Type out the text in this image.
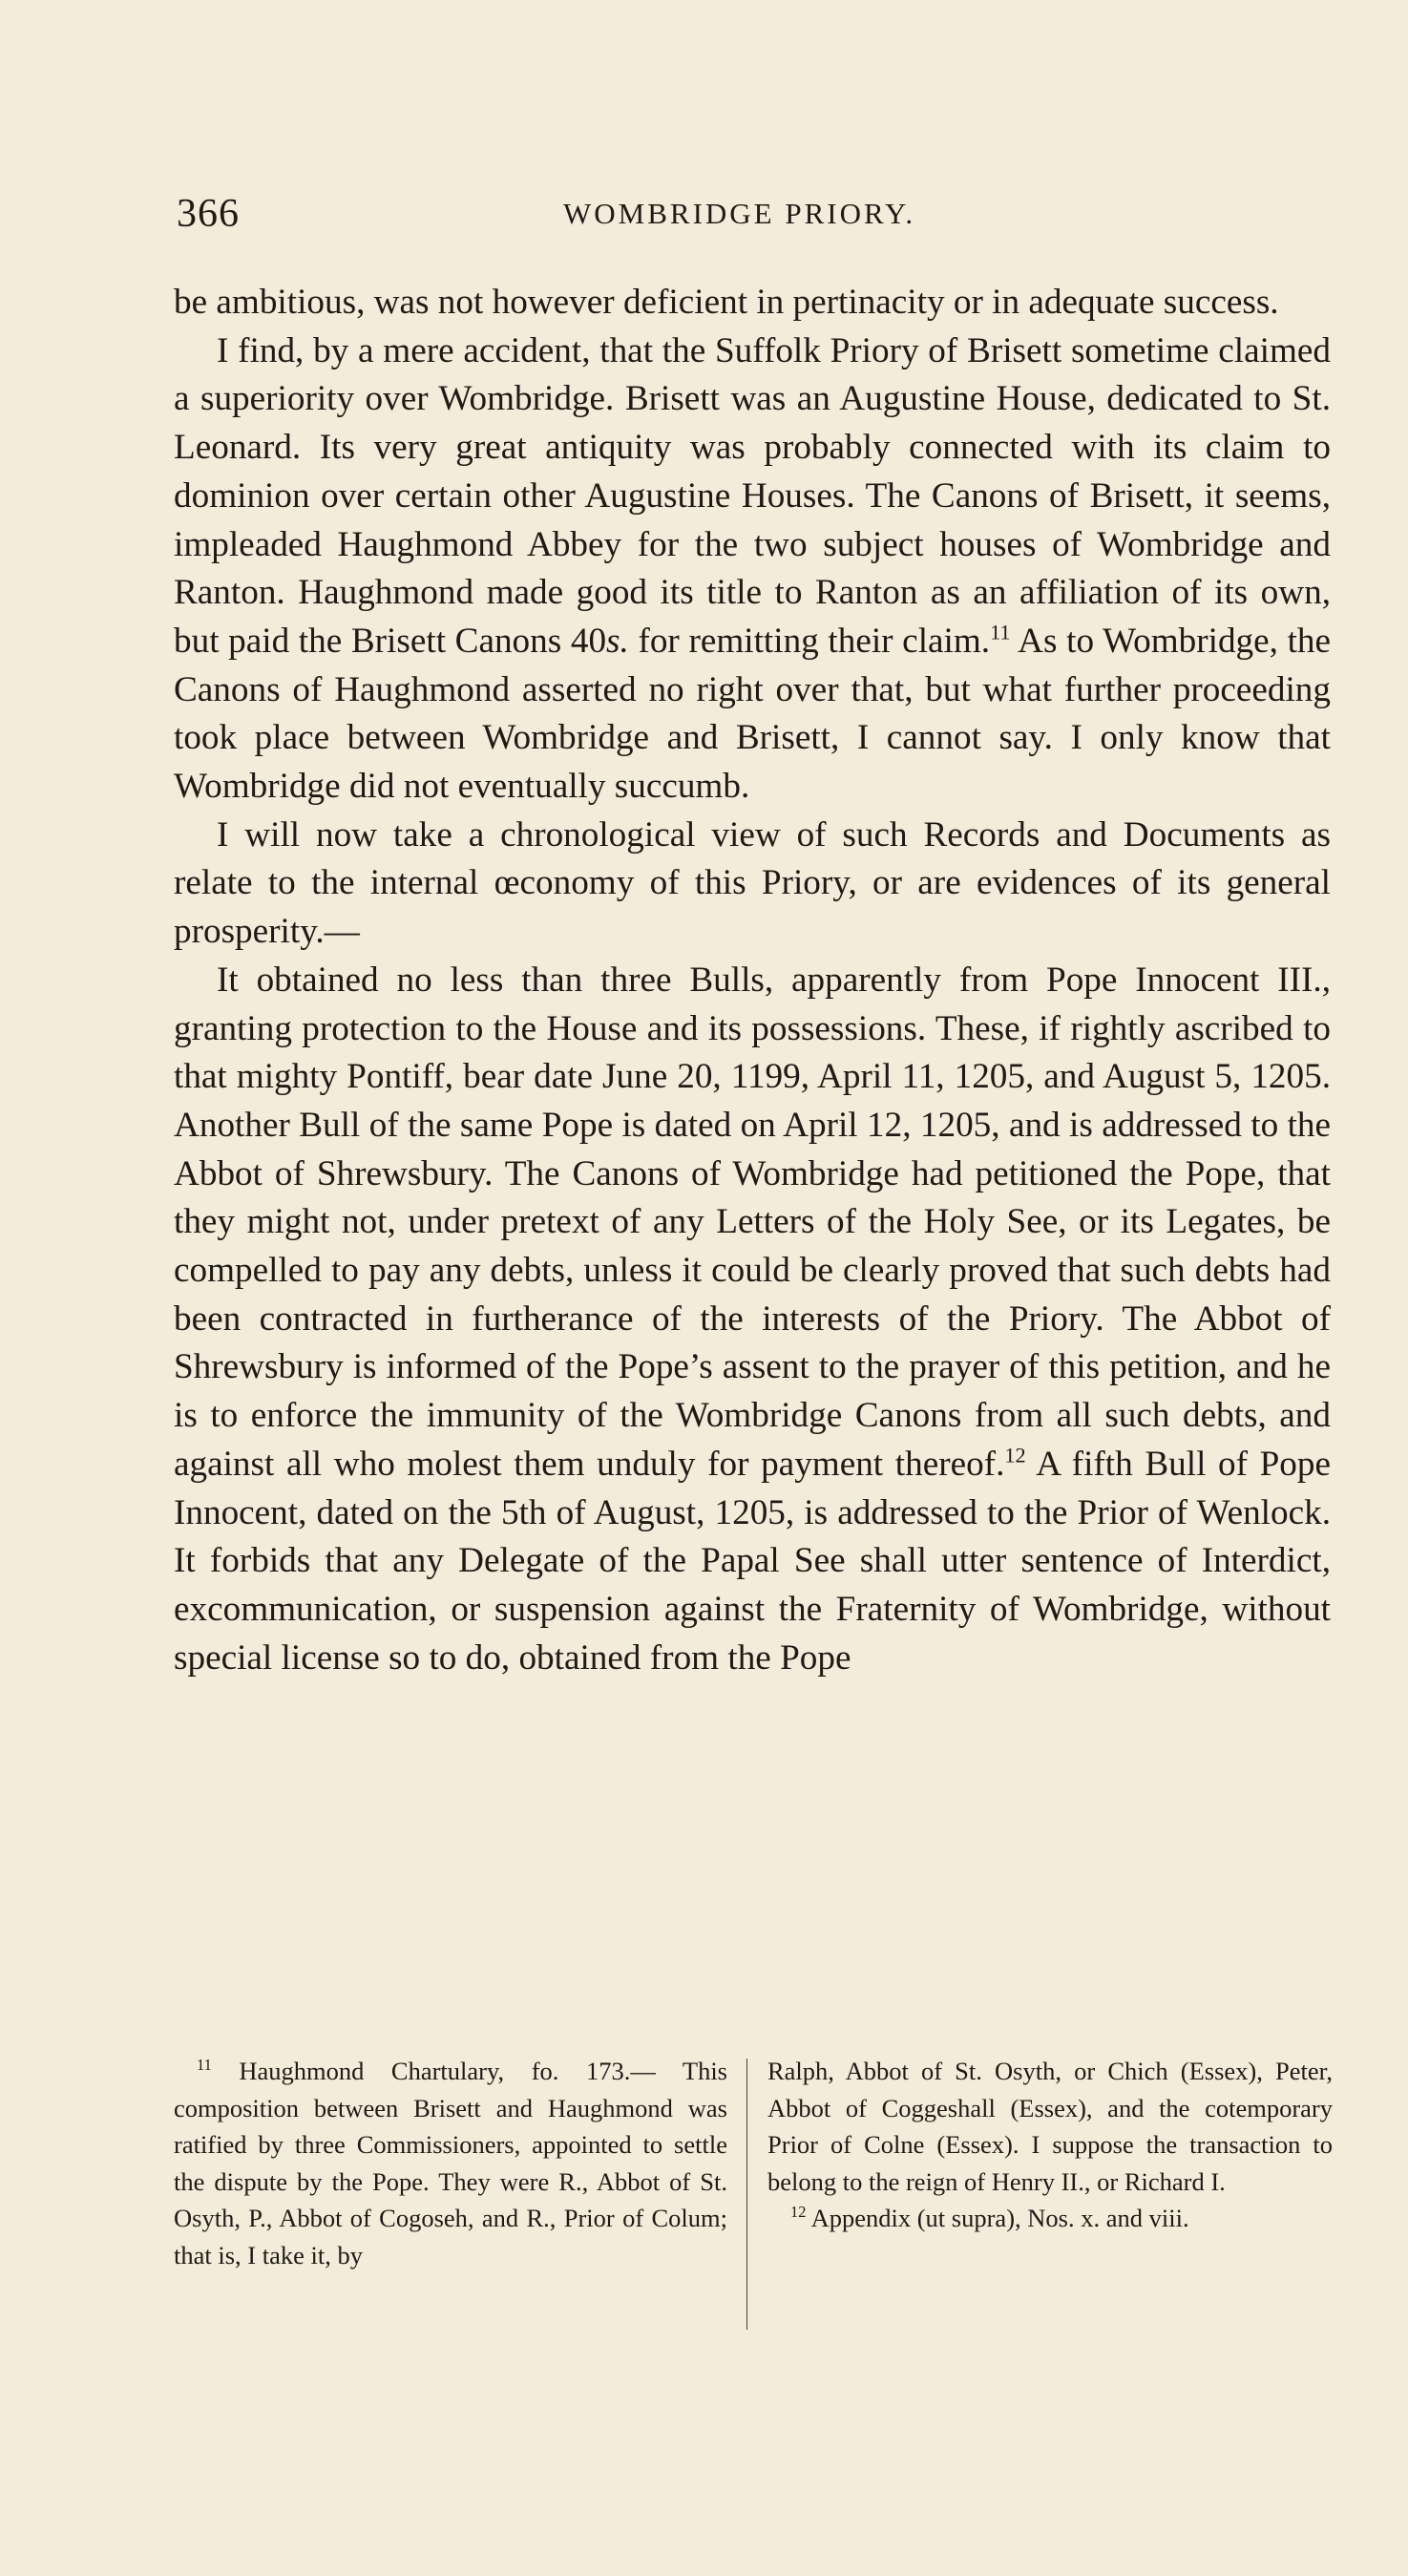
366	WOMBRIDGE PRIORY.

be ambitious, was not however deficient in pertinacity or in adequate success.

I find, by a mere accident, that the Suffolk Priory of Brisett sometime claimed a superiority over Wombridge. Brisett was an Augustine House, dedicated to St. Leonard. Its very great antiquity was probably connected with its claim to dominion over certain other Augustine Houses. The Canons of Brisett, it seems, impleaded Haughmond Abbey for the two subject houses of Wombridge and Ranton. Haughmond made good its title to Ranton as an affiliation of its own, but paid the Brisett Canons 40s. for remitting their claim.$^{11}$ As to Wombridge, the Canons of Haughmond asserted no right over that, but what further proceeding took place between Wombridge and Brisett, I cannot say. I only know that Wombridge did not eventually succumb.

I will now take a chronological view of such Records and Documents as relate to the internal œconomy of this Priory, or are evidences of its general prosperity.—

It obtained no less than three Bulls, apparently from Pope Innocent III., granting protection to the House and its possessions. These, if rightly ascribed to that mighty Pontiff, bear date June 20, 1199, April 11, 1205, and August 5, 1205. Another Bull of the same Pope is dated on April 12, 1205, and is addressed to the Abbot of Shrewsbury. The Canons of Wombridge had petitioned the Pope, that they might not, under pretext of any Letters of the Holy See, or its Legates, be compelled to pay any debts, unless it could be clearly proved that such debts had been contracted in furtherance of the interests of the Priory. The Abbot of Shrewsbury is informed of the Pope’s assent to the prayer of this petition, and he is to enforce the immunity of the Wombridge Canons from all such debts, and against all who molest them unduly for payment thereof.$^{12}$ A fifth Bull of Pope Innocent, dated on the 5th of August, 1205, is addressed to the Prior of Wenlock. It forbids that any Delegate of the Papal See shall utter sentence of Interdict, excommunication, or suspension against the Fraternity of Wombridge, without special license so to do, obtained from the Pope

$^{11}$ Haughmond Chartulary, fo. 173.— This composition between Brisett and Haughmond was ratified by three Commissioners, appointed to settle the dispute by the Pope. They were R., Abbot of St. Osyth, P., Abbot of Cogoseh, and R., Prior of Colum; that is, I take it, by

Ralph, Abbot of St. Osyth, or Chich (Essex), Peter, Abbot of Coggeshall (Essex), and the cotemporary Prior of Colne (Essex). I suppose the transaction to belong to the reign of Henry II., or Richard I.

$^{12}$ Appendix (ut supra), Nos. x. and viii.
